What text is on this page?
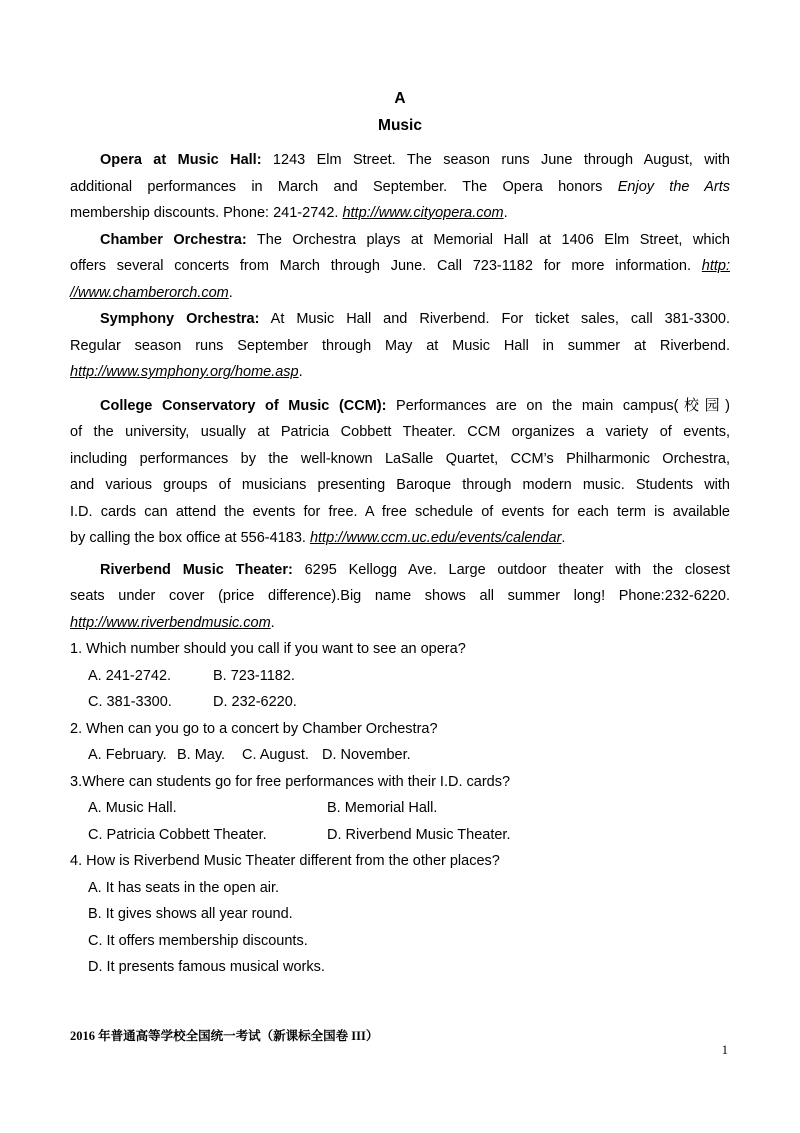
A
Music
Opera at Music Hall: 1243 Elm Street. The season runs June through August, with
additional performances in March and September. The Opera honors Enjoy the Arts
membership discounts. Phone: 241-2742. http://www.cityopera.com.
Chamber Orchestra: The Orchestra plays at Memorial Hall at 1406 Elm Street, which
offers several concerts from March through June. Call 723-1182 for more information. http:
//www.chamberorch.com.
Symphony Orchestra: At Music Hall and Riverbend. For ticket sales, call 381-3300.
Regular season runs September through May at Music Hall in summer at Riverbend.
http://www.symphony.org/home.asp.
College Conservatory of Music (CCM): Performances are on the main campus(校园)
of the university, usually at Patricia Cobbett Theater. CCM organizes a variety of events,
including performances by the well-known LaSalle Quartet, CCM’s Philharmonic Orchestra,
and various groups of musicians presenting Baroque through modern music. Students with
I.D. cards can attend the events for free. A free schedule of events for each term is available
by calling the box office at 556-4183. http://www.ccm.uc.edu/events/calendar.
Riverbend Music Theater: 6295 Kellogg Ave. Large outdoor theater with the closest
seats under cover (price difference).Big name shows all summer long! Phone:232-6220.
http://www.riverbendmusic.com.
1. Which number should you call if you want to see an opera?
A. 241-2742.	B. 723-1182.
C. 381-3300.	D. 232-6220.
2. When can you go to a concert by Chamber Orchestra?
A. February. B. May. C. August. D. November.
3.Where can students go for free performances with their I.D. cards?
A. Music Hall.	B. Memorial Hall.
C. Patricia Cobbett Theater.	D. Riverbend Music Theater.
4. How is Riverbend Music Theater different from the other places?
A. It has seats in the open air.
B. It gives shows all year round.
C. It offers membership discounts.
D. It presents famous musical works.
2016 年普通高等学校全国统一考试（新课标全国卷 III）
1
